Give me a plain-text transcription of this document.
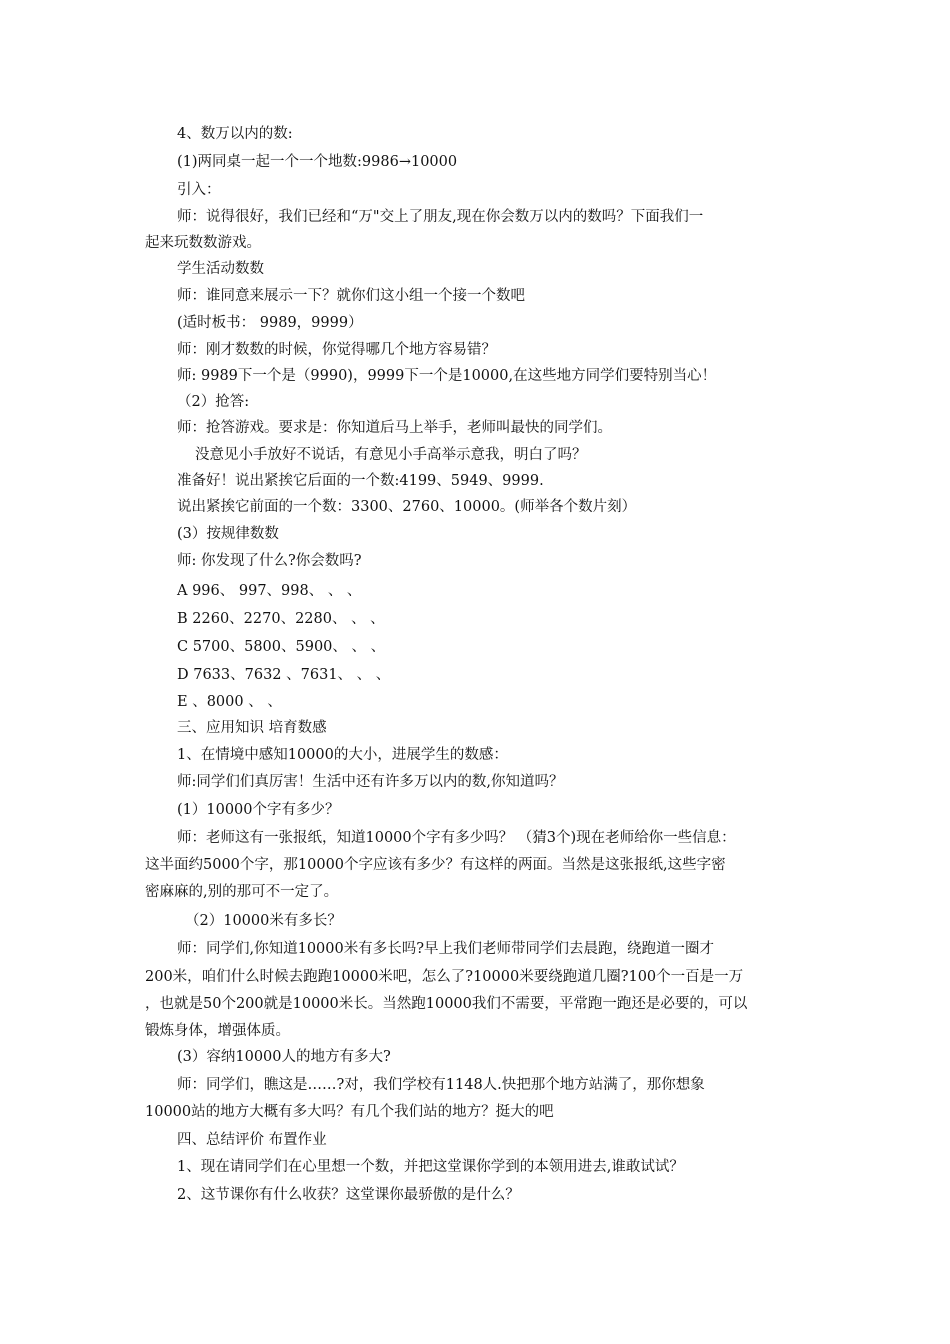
4、数万以内的数:
(1)两同桌一起一个一个地数:9986→10000
引入：
师：说得很好，我们已经和“万"交上了朋友,现在你会数万以内的数吗？下面我们一
起来玩数数游戏。
学生活动数数
师：谁同意来展示一下？就你们这小组一个接一个数吧
(适时板书： 9989，9999）
师：刚才数数的时候，你觉得哪几个地方容易错？
师: 9989下一个是（9990)，9999下一个是10000,在这些地方同学们要特别当心！
（2）抢答:
师：抢答游戏。要求是：你知道后马上举手，老师叫最快的同学们。
没意见小手放好不说话，有意见小手高举示意我，明白了吗？
准备好！说出紧挨它后面的一个数:4199、5949、9999.
说出紧挨它前面的一个数：3300、2760、10000。(师举各个数片刻）
(3）按规律数数
师: 你发现了什么?你会数吗?
A 996、 997、998、 、 、
B 2260、2270、2280、 、 、
C 5700、5800、5900、 、 、
D 7633、7632 、7631、 、 、
E 、8000 、 、
三、应用知识 培育数感
1、在情境中感知10000的大小，进展学生的数感：
师:同学们们真厉害！生活中还有许多万以内的数,你知道吗？
(1）10000个字有多少？
师：老师这有一张报纸，知道10000个字有多少吗？ （猜3个)现在老师给你一些信息：
这半面约5000个字，那10000个字应该有多少？有这样的两面。当然是这张报纸,这些字密
密麻麻的,别的那可不一定了。
（2）10000米有多长？
师：同学们,你知道10000米有多长吗?早上我们老师带同学们去晨跑，绕跑道一圈才
200米，咱们什么时候去跑跑10000米吧，怎么了?10000米要绕跑道几圈?100个一百是一万
，也就是50个200就是10000米长。当然跑10000我们不需要，平常跑一跑还是必要的，可以
锻炼身体，增强体质。
(3）容纳10000人的地方有多大?
师：同学们，瞧这是……?对，我们学校有1148人.快把那个地方站满了，那你想象
10000站的地方大概有多大吗？有几个我们站的地方？挺大的吧
四、总结评价 布置作业
1、现在请同学们在心里想一个数，并把这堂课你学到的本领用进去,谁敢试试？
2、这节课你有什么收获？这堂课你最骄傲的是什么？
